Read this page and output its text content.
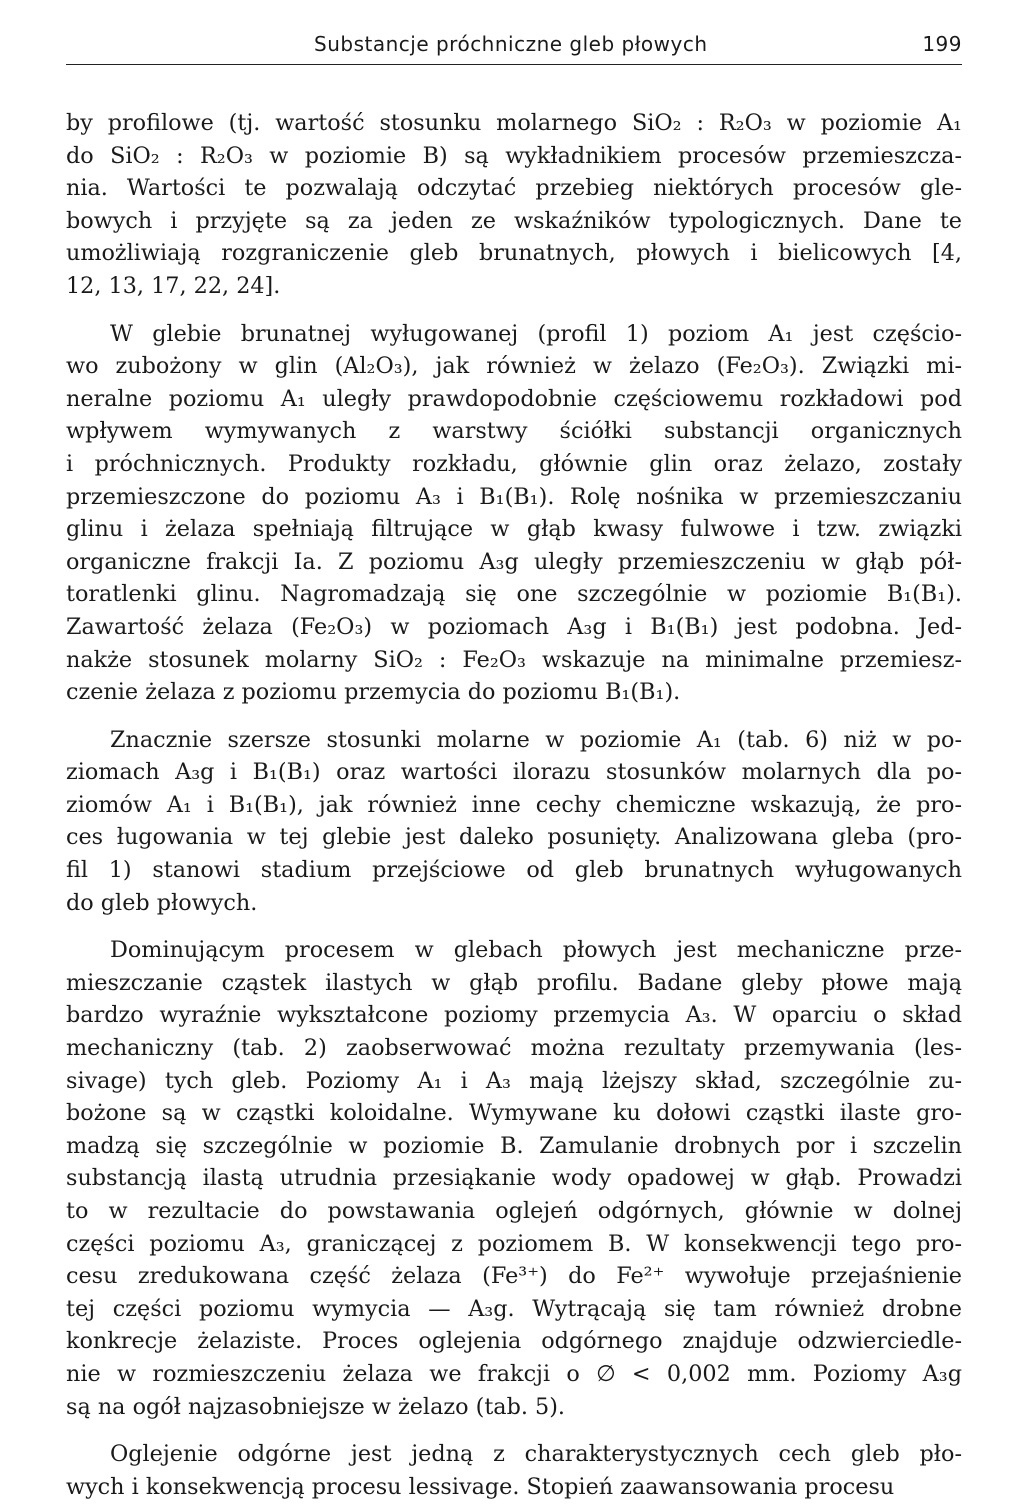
Substancje próchniczne gleb płowych	199

by profilowe (tj. wartość stosunku molarnego SiO₂ : R₂O₃ w poziomie A₁
do SiO₂ : R₂O₃ w poziomie B) są wykładnikiem procesów przemieszcza-
nia. Wartości te pozwalają odczytać przebieg niektórych procesów gle-
bowych i przyjęte są za jeden ze wskaźników typologicznych. Dane te
umożliwiają rozgraniczenie gleb brunatnych, płowych i bielicowych [4,
12, 13, 17, 22, 24].

W glebie brunatnej wyługowanej (profil 1) poziom A₁ jest częścio-
wo zubożony w glin (Al₂O₃), jak również w żelazo (Fe₂O₃). Związki mi-
neralne poziomu A₁ uległy prawdopodobnie częściowemu rozkładowi pod
wpływem wymywanych z warstwy ściółki substancji organicznych
i próchnicznych. Produkty rozkładu, głównie glin oraz żelazo, zostały
przemieszczone do poziomu A₃ i B₁(B₁). Rolę nośnika w przemieszczaniu
glinu i żelaza spełniają filtrujące w głąb kwasy fulwowe i tzw. związki
organiczne frakcji Ia. Z poziomu A₃g uległy przemieszczeniu w głąb pół-
toratlenki glinu. Nagromadzają się one szczególnie w poziomie B₁(B₁).
Zawartość żelaza (Fe₂O₃) w poziomach A₃g i B₁(B₁) jest podobna. Jed-
nakże stosunek molarny SiO₂ : Fe₂O₃ wskazuje na minimalne przemiesz-
czenie żelaza z poziomu przemycia do poziomu B₁(B₁).

Znacznie szersze stosunki molarne w poziomie A₁ (tab. 6) niż w po-
ziomach A₃g i B₁(B₁) oraz wartości ilorazu stosunków molarnych dla po-
ziomów A₁ i B₁(B₁), jak również inne cechy chemiczne wskazują, że pro-
ces ługowania w tej glebie jest daleko posunięty. Analizowana gleba (pro-
fil 1) stanowi stadium przejściowe od gleb brunatnych wyługowanych
do gleb płowych.

Dominującym procesem w glebach płowych jest mechaniczne prze-
mieszczanie cząstek ilastych w głąb profilu. Badane gleby płowe mają
bardzo wyraźnie wykształcone poziomy przemycia A₃. W oparciu o skład
mechaniczny (tab. 2) zaobserwować można rezultaty przemywania (les-
sivage) tych gleb. Poziomy A₁ i A₃ mają lżejszy skład, szczególnie zu-
bożone są w cząstki koloidalne. Wymywane ku dołowi cząstki ilaste gro-
madzą się szczególnie w poziomie B. Zamulanie drobnych por i szczelin
substancją ilastą utrudnia przesiąkanie wody opadowej w głąb. Prowadzi
to w rezultacie do powstawania oglejeń odgórnych, głównie w dolnej
części poziomu A₃, graniczącej z poziomem B. W konsekwencji tego pro-
cesu zredukowana część żelaza (Fe³⁺) do Fe²⁺ wywołuje przejaśnienie
tej części poziomu wymycia — A₃g. Wytrącają się tam również drobne
konkrecje żelaziste. Proces oglejenia odgórnego znajduje odzwierciedle-
nie w rozmieszczeniu żelaza we frakcji o ∅ < 0,002 mm. Poziomy A₃g
są na ogół najzasobniejsze w żelazo (tab. 5).

Oglejenie odgórne jest jedną z charakterystycznych cech gleb pło-
wych i konsekwencją procesu lessivage. Stopień zaawansowania procesu
